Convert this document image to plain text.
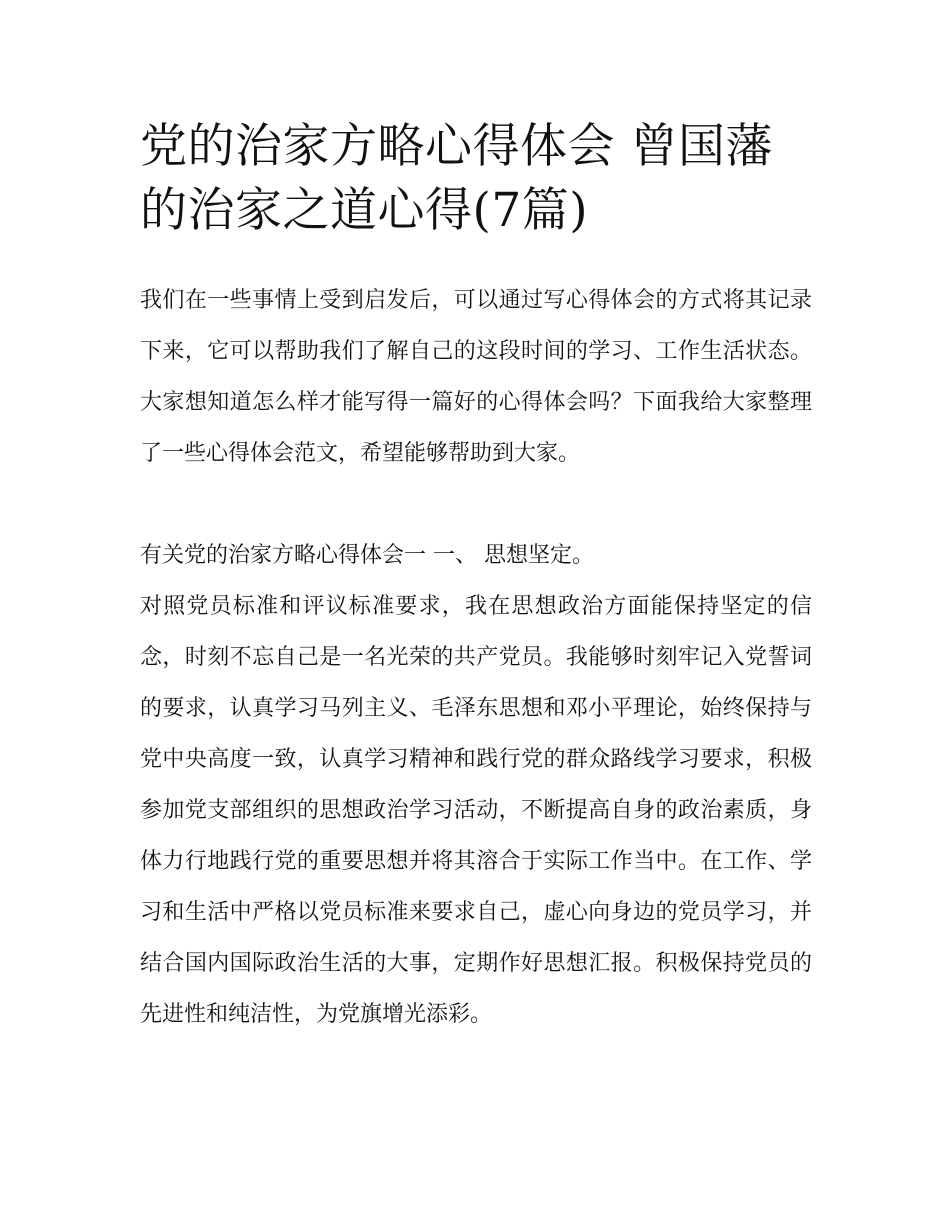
党的治家方略心得体会 曾国藩的治家之道心得(7篇)

我们在一些事情上受到启发后，可以通过写心得体会的方式将其记录下来，它可以帮助我们了解自己的这段时间的学习、工作生活状态。大家想知道怎么样才能写得一篇好的心得体会吗？下面我给大家整理了一些心得体会范文，希望能够帮助到大家。

有关党的治家方略心得体会一 一、 思想坚定。

对照党员标准和评议标准要求，我在思想政治方面能保持坚定的信念，时刻不忘自己是一名光荣的共产党员。我能够时刻牢记入党誓词的要求，认真学习马列主义、毛泽东思想和邓小平理论，始终保持与党中央高度一致，认真学习精神和践行党的群众路线学习要求，积极参加党支部组织的思想政治学习活动，不断提高自身的政治素质，身体力行地践行党的重要思想并将其溶合于实际工作当中。在工作、学习和生活中严格以党员标准来要求自己，虚心向身边的党员学习，并结合国内国际政治生活的大事，定期作好思想汇报。积极保持党员的先进性和纯洁性，为党旗增光添彩。
